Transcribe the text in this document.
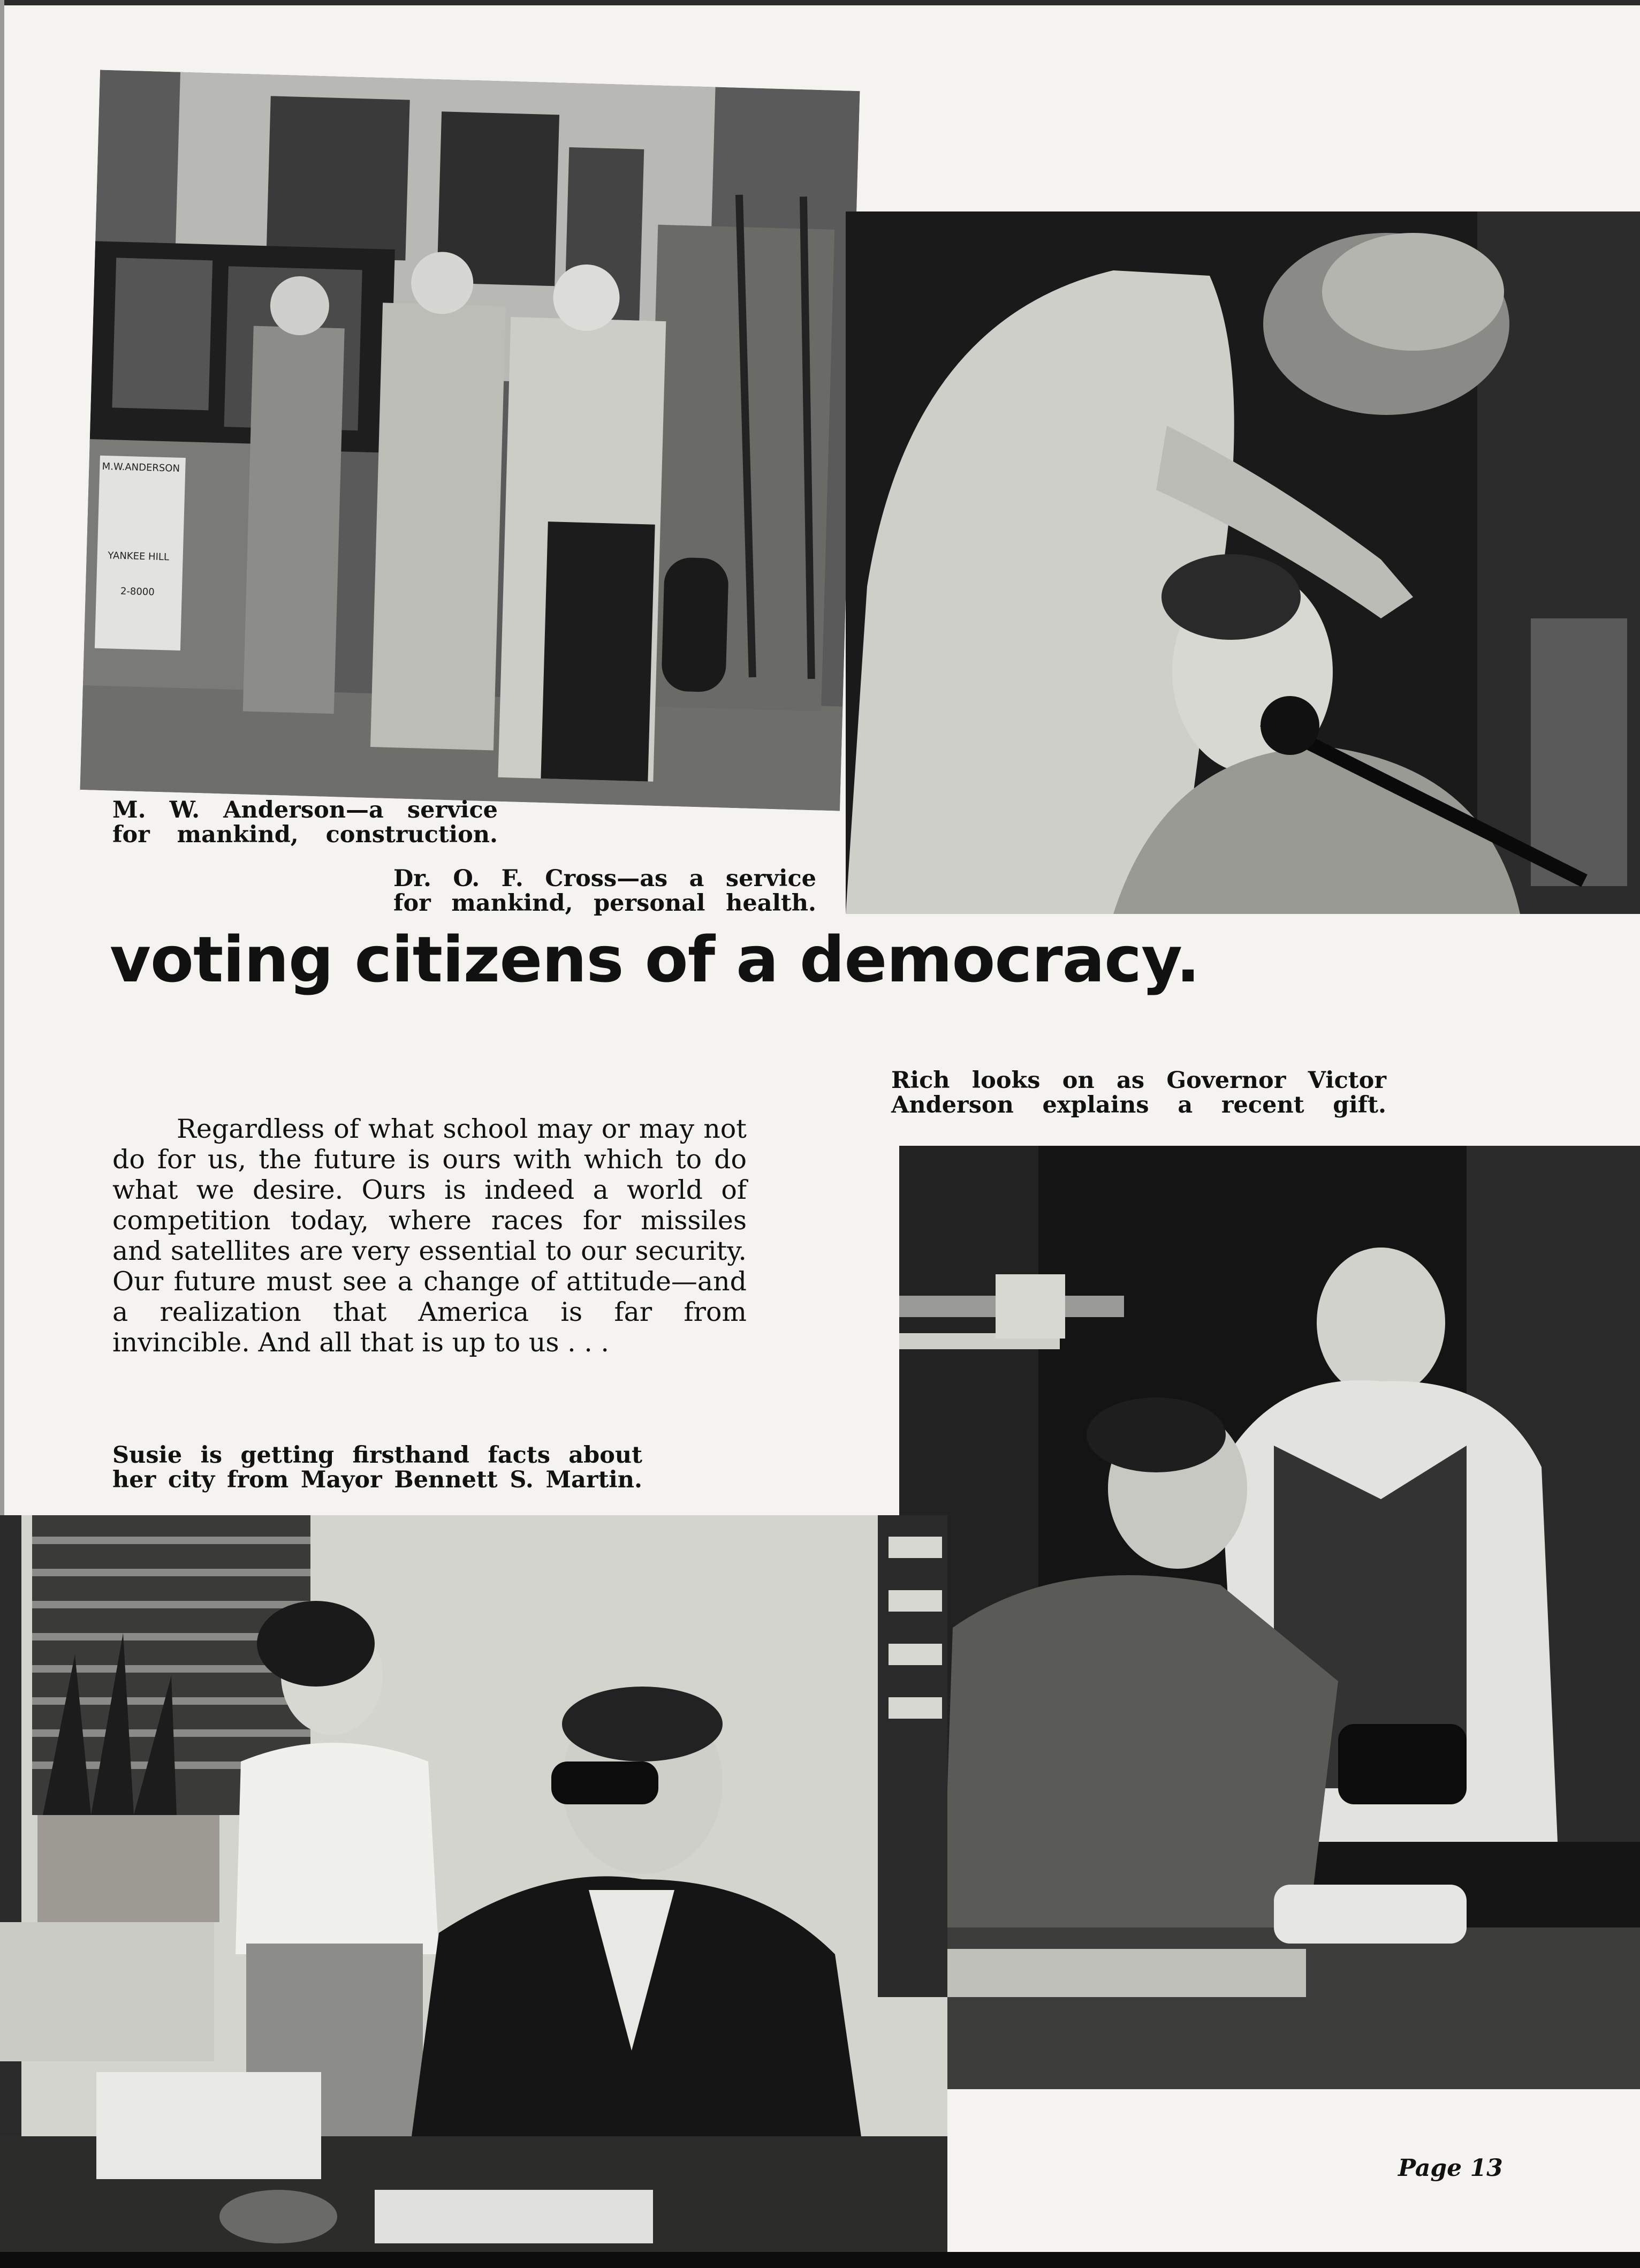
M.W.ANDERSON
YANKEE HILL
2-8000

M. W. Anderson—a service
for mankind, construction.

Dr. O. F. Cross—as a service
for mankind, personal health.

voting citizens of a democracy.

Rich looks on as Governor Victor
Anderson explains a recent gift.

Regardless of what school may or may not do for us, the future is ours with which to do what we desire. Ours is indeed a world of competition today, where races for missiles and satellites are very essential to our security. Our future must see a change of attitude—and a realization that America is far from invincible. And all that is up to us . . .

Susie is getting firsthand facts about
her city from Mayor Bennett S. Martin.

Page 13
